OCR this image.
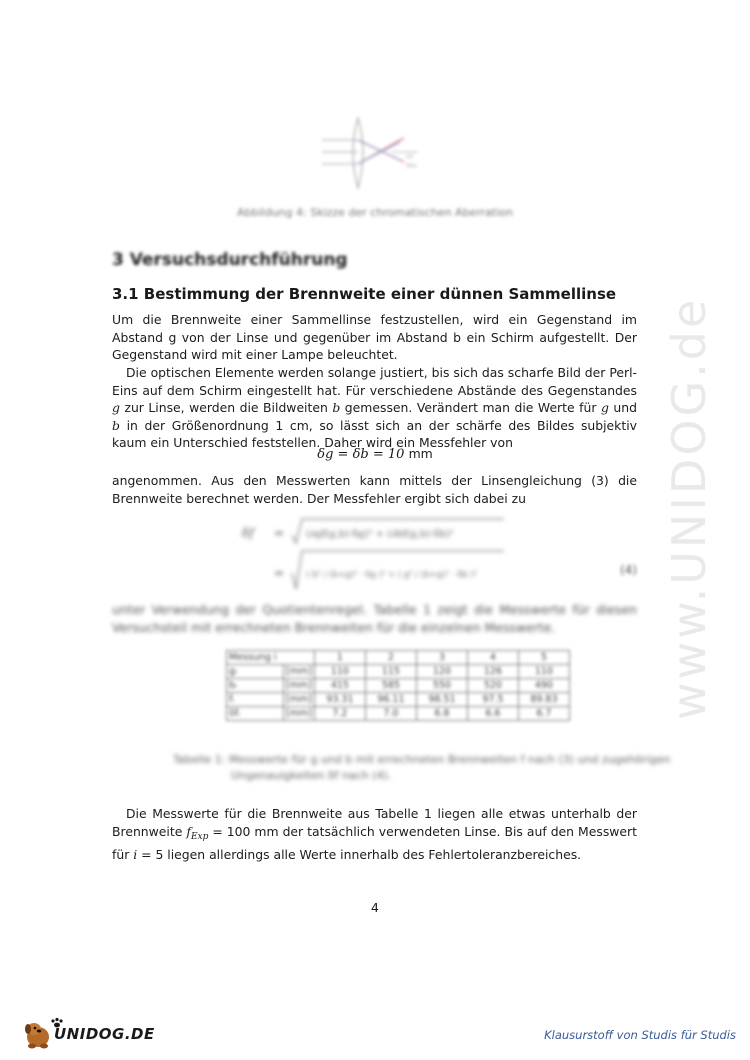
www.UNIDOG.de
rot
blau
Abbildung 4: Skizze der chromatischen Aberration
3 Versuchsdurchführung
3.1 Bestimmung der Brennweite einer dünnen Sammellinse
Um die Brennweite einer Sammellinse festzustellen, wird ein Gegenstand im Abstand g von der Linse und gegenüber im Abstand b ein Schirm aufgestellt. Der Gegenstand wird mit einer Lampe beleuchtet.
Die optischen Elemente werden solange justiert, bis sich das scharfe Bild der Perl-Eins auf dem Schirm eingestellt hat. Für verschiedene Abstände des Gegenstandes g zur Linse, werden die Bildweiten b gemessen. Verändert man die Werte für g und b in der Größenordnung 1 cm, so lässt sich an der schärfe des Bildes subjektiv kaum ein Unterschied feststellen. Daher wird ein Messfehler von
δg = δb = 10 mm
angenommen. Aus den Messwerten kann mittels der Linsengleichung (3) die Brennweite berechnet werden. Der Messfehler ergibt sich dabei zu
δf = (∂gf(g,b)·δg)² + (∂bf(g,b)·δb)²
=	( b² / (b+g)² · δg )² + ( g² / (b+g)² · δb )²	(4)
unter Verwendung der Quotientenregel. Tabelle 1 zeigt die Messwerte für diesen Versuchsteil mit errechneten Brennweiten für die einzelnen Messwerte.
Messung i		1	2	3	4	5
gᵢ	[mm]	110	115	120	126	110
bᵢ	[mm]	415	585	550	520	490
fᵢ	[mm]	93.31	96.11	98.51	97.5	89.83
δfᵢ	[mm]	7.2	7.0	6.8	6.6	6.7
Tabelle 1: Messwerte für g und b mit errechneten Brennweiten f nach (3) und zugehörigen Ungenauigkeiten δf nach (4).
Die Messwerte für die Brennweite aus Tabelle 1 liegen alle etwas unterhalb der Brennweite $f_{Exp} = 100$ mm der tatsächlich verwendeten Linse. Bis auf den Messwert für i = 5 liegen allerdings alle Werte innerhalb des Fehlertoleranzbereiches.
4
UNIDOG.DE	Klausurstoff von Studis für Studis
